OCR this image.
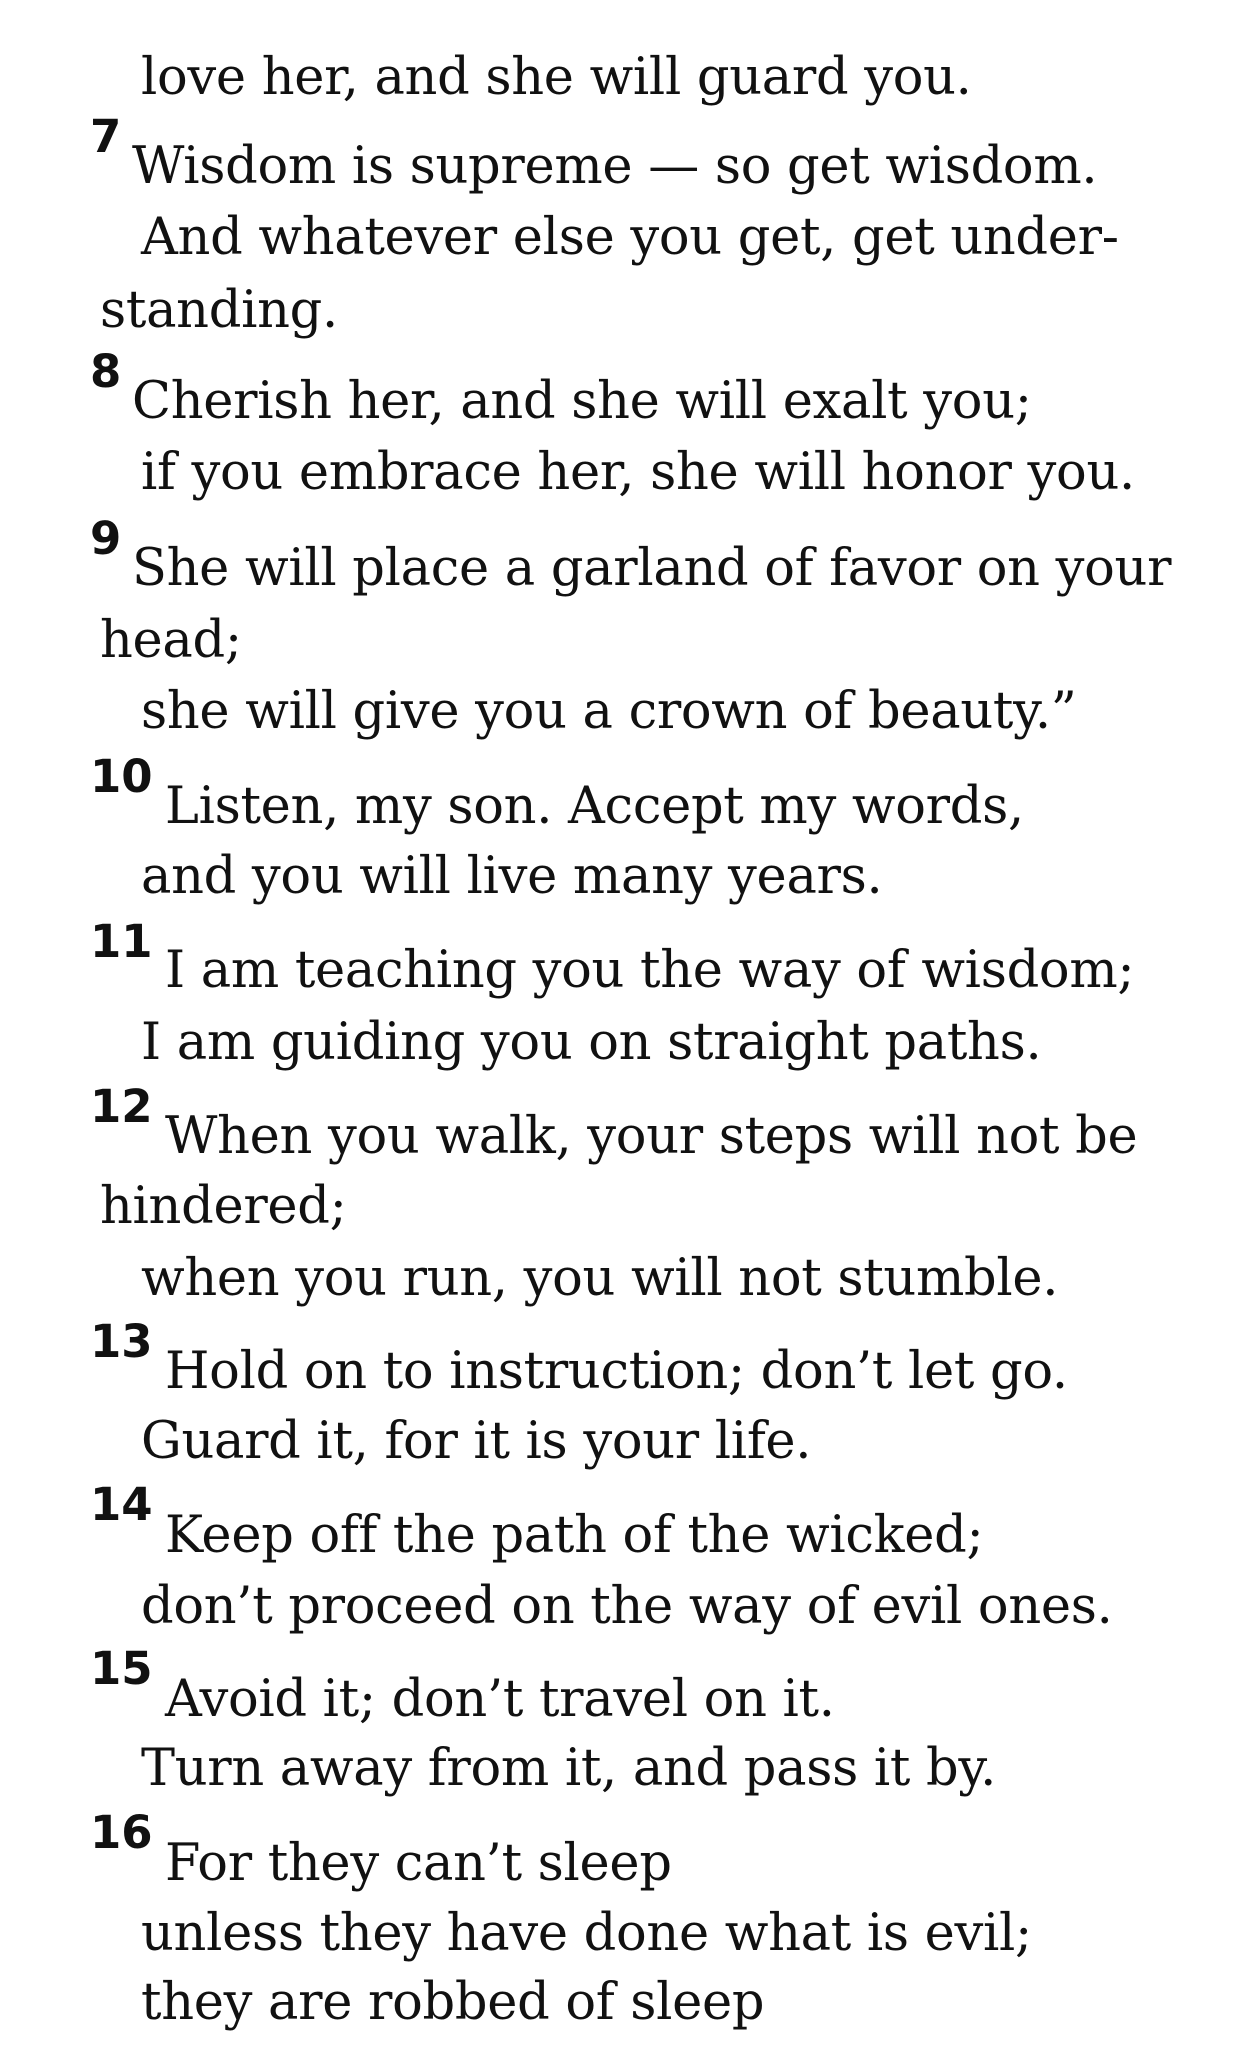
love her, and she will guard you.
7
Wisdom is supreme — so get wisdom.
And whatever else you get, get under-
standing.
8
Cherish her, and she will exalt you;
if you embrace her, she will honor you.
9
She will place a garland of favor on your
head;
she will give you a crown of beauty.”
10
Listen, my son. Accept my words,
and you will live many years.
11 I am teaching you the way of wisdom;
I am guiding you on straight paths.
12
When you walk, your steps will not be
hindered;
when you run, you will not stumble.
13
Hold on to instruction; don’t let go.
Guard it, for it is your life.
14
Keep off the path of the wicked;
don’t proceed on the way of evil ones.
15
Avoid it; don’t travel on it.
Turn away from it, and pass it by.
16
For they can’t sleep
unless they have done what is evil;
they are robbed of sleep
